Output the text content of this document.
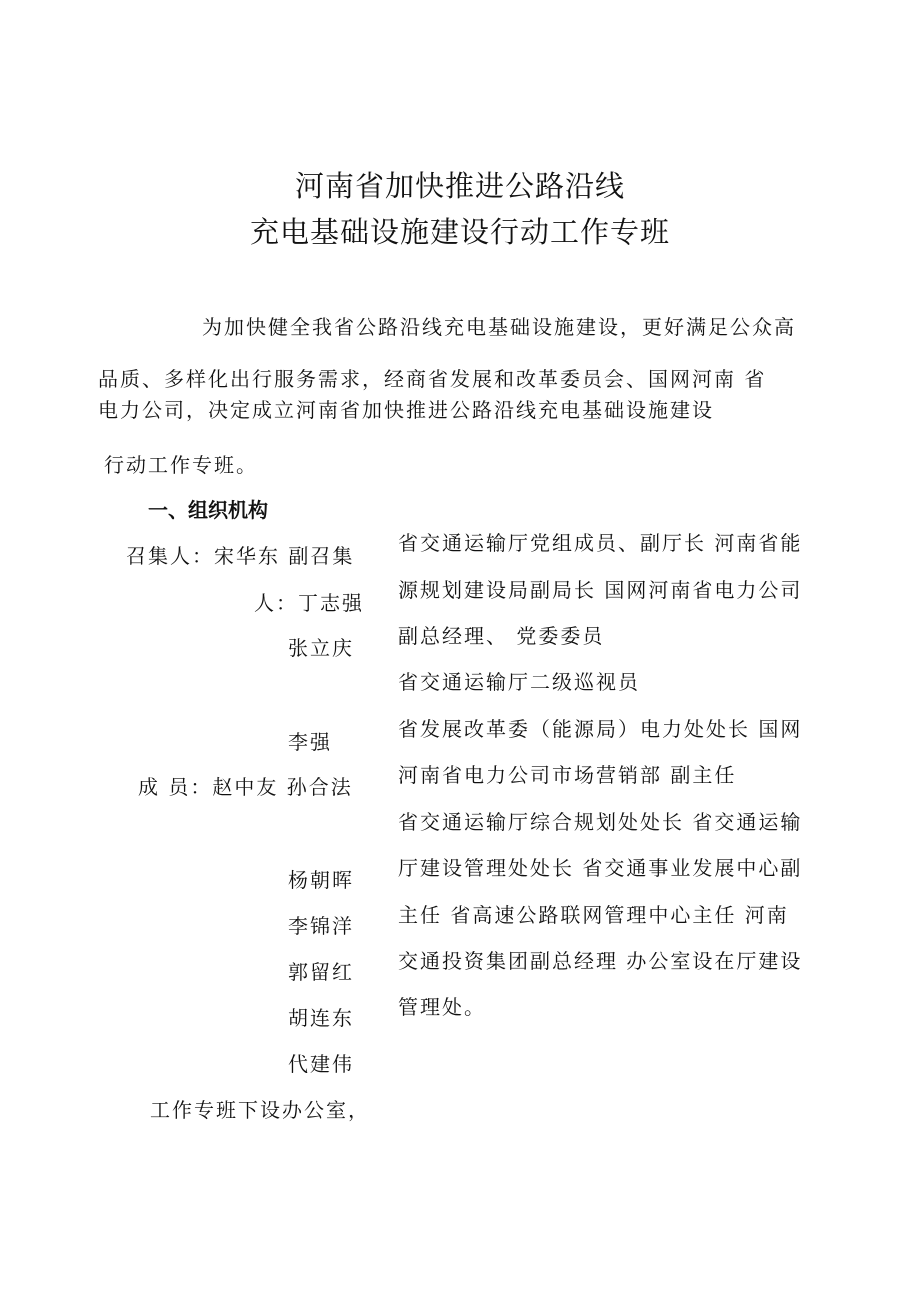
河南省加快推进公路沿线
充电基础设施建设行动工作专班
为加快健全我省公路沿线充电基础设施建设，更好满足公众高
品质、多样化出行服务需求，经商省发展和改革委员会、国网河南 省
电力公司，决定成立河南省加快推进公路沿线充电基础设施建设
行动工作专班。
一、组织机构
召集人：宋华东 副召集
人：丁志强
张立庆
李强
成 员：赵中友 孙合法
杨朝晖
李锦洋
郭留红
胡连东
代建伟
工作专班下设办公室，
省交通运输厅党组成员、副厅长 河南省能
源规划建设局副局长 国网河南省电力公司
副总经理、 党委委员
省交通运输厅二级巡视员
省发展改革委（能源局）电力处处长 国网
河南省电力公司市场营销部 副主任
省交通运输厅综合规划处处长 省交通运输
厅建设管理处处长 省交通事业发展中心副
主任 省高速公路联网管理中心主任 河南
交通投资集团副总经理 办公室设在厅建设
管理处。
